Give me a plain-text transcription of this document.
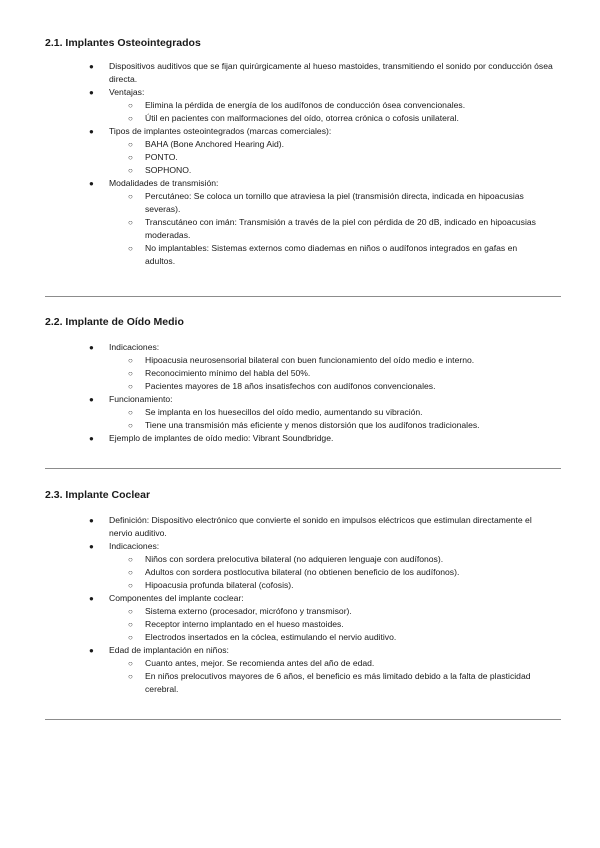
2.1. Implantes Osteointegrados
● Dispositivos auditivos que se fijan quirúrgicamente al hueso mastoides, transmitiendo el sonido por conducción ósea directa.
● Ventajas:
○ Elimina la pérdida de energía de los audífonos de conducción ósea convencionales.
○ Útil en pacientes con malformaciones del oído, otorrea crónica o cofosis unilateral.
● Tipos de implantes osteointegrados (marcas comerciales):
○ BAHA (Bone Anchored Hearing Aid).
○ PONTO.
○ SOPHONO.
● Modalidades de transmisión:
○ Percutáneo: Se coloca un tornillo que atraviesa la piel (transmisión directa, indicada en hipoacusias severas).
○ Transcutáneo con imán: Transmisión a través de la piel con pérdida de 20 dB, indicado en hipoacusias moderadas.
○ No implantables: Sistemas externos como diademas en niños o audífonos integrados en gafas en adultos.
2.2. Implante de Oído Medio
● Indicaciones:
○ Hipoacusia neurosensorial bilateral con buen funcionamiento del oído medio e interno.
○ Reconocimiento mínimo del habla del 50%.
○ Pacientes mayores de 18 años insatisfechos con audífonos convencionales.
● Funcionamiento:
○ Se implanta en los huesecillos del oído medio, aumentando su vibración.
○ Tiene una transmisión más eficiente y menos distorsión que los audífonos tradicionales.
● Ejemplo de implantes de oído medio: Vibrant Soundbridge.
2.3. Implante Coclear
● Definición: Dispositivo electrónico que convierte el sonido en impulsos eléctricos que estimulan directamente el nervio auditivo.
● Indicaciones:
○ Niños con sordera prelocutiva bilateral (no adquieren lenguaje con audífonos).
○ Adultos con sordera postlocutiva bilateral (no obtienen beneficio de los audífonos).
○ Hipoacusia profunda bilateral (cofosis).
● Componentes del implante coclear:
○ Sistema externo (procesador, micrófono y transmisor).
○ Receptor interno implantado en el hueso mastoides.
○ Electrodos insertados en la cóclea, estimulando el nervio auditivo.
● Edad de implantación en niños:
○ Cuanto antes, mejor. Se recomienda antes del año de edad.
○ En niños prelocutivos mayores de 6 años, el beneficio es más limitado debido a la falta de plasticidad cerebral.
